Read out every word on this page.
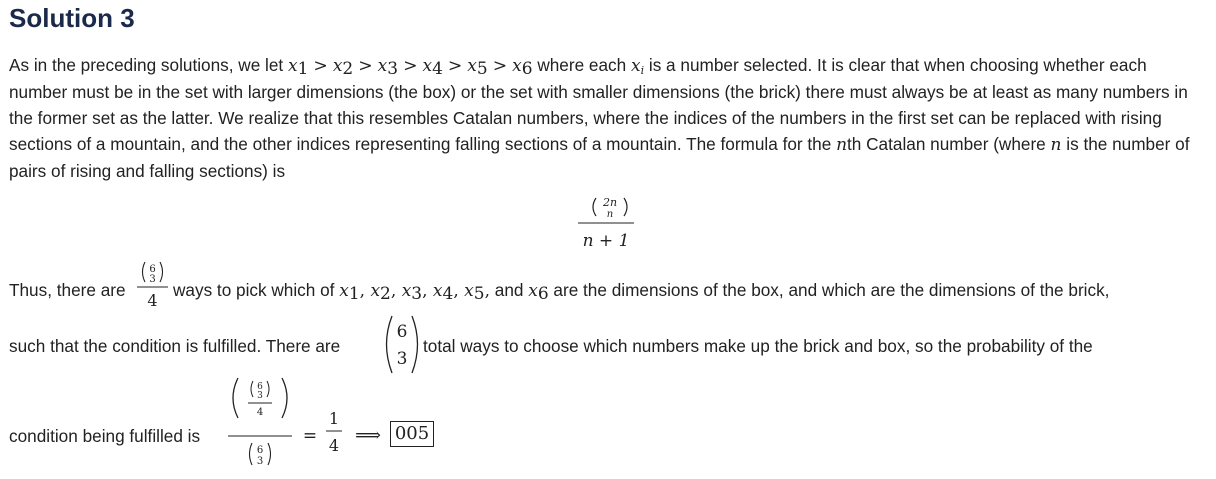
Solution 3

As in the preceding solutions, we let $x_1 > x_2 > x_3 > x_4 > x_5 > x_6$ where each $x_i$ is a number selected. It is clear that when choosing whether each number must be in the set with larger dimensions (the box) or the set with smaller dimensions (the brick) there must always be at least as many numbers in the former set as the latter. We realize that this resembles Catalan numbers, where the indices of the numbers in the first set can be replaced with rising sections of a mountain, and the other indices representing falling sections of a mountain. The formula for the nth Catalan number (where n is the number of pairs of rising and falling sections) is

2n
n
n + 1
Thus, there are
6
3
4
ways to pick which of $x_1$, $x_2$, $x_3$, $x_4$, $x_5$, and $x_6$ are the dimensions of the box, and which are the dimensions of the brick,
such that the condition is fulfilled. There are
6
3
total ways to choose which numbers make up the brick and box, so the probability of the
condition being fulfilled is
6
3
4
6
3
=
1
4 ⟹ 005
